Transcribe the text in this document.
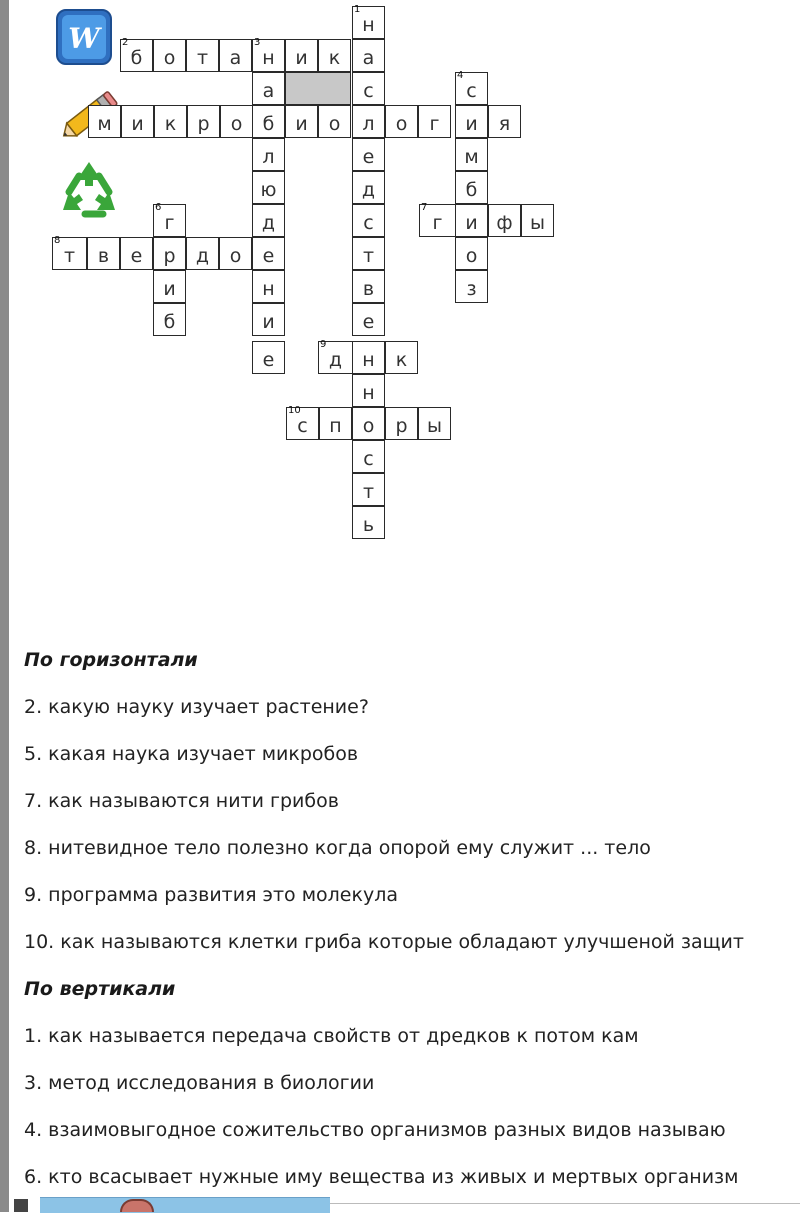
W
1
н
а
с
л
е
д
с
т
в
е
н
н
о
с
т
ь
2
б о т а
3
н и к
а
л
ю
д
е
н
и
е
м и к р о б и о	о г и я
4
с
м
б
и
о
з
7
г	ф ы
8
т в е р д о
6
г
и
б
9
д	к
10
с п	р ы
По горизонтали
2. какую науку изучает растение?
5. какая наука изучает микробов
7. как называются нити грибов
8. нитевидное тело полезно когда опорой ему служит ... тело
9. программа развития это молекула
10. как называются клетки гриба которые обладают улучшеной защит
По вертикали
1. как называется передача свойств от дредков к потом кам
3. метод исследования в биологии
4. взаимовыгодное сожительство организмов разных видов называю
6. кто всасывает нужные иму вещества из живых и мертвых организм
